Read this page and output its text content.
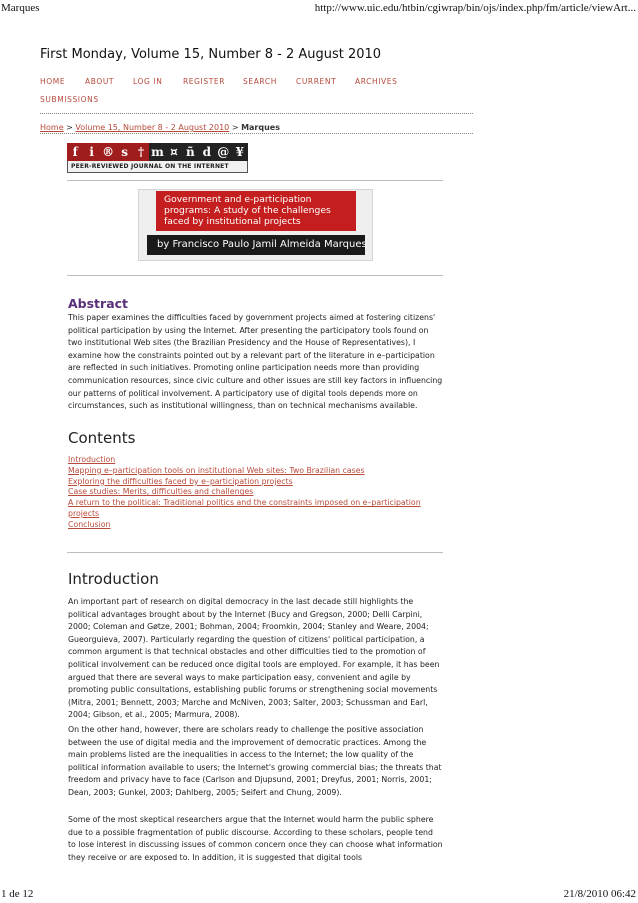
Marques	http://www.uic.edu/htbin/cgiwrap/bin/ojs/index.php/fm/article/viewArt...
First Monday, Volume 15, Number 8 - 2 August 2010
HOME	ABOUT	LOG IN	REGISTER SEARCH	CURRENT ARCHIVES
SUBMISSIONS
Home > Volume 15, Number 8 - 2 August 2010 > Marques
f i ® s † m ¤ ñ d @ ¥
PEER-REVIEWED JOURNAL ON THE INTERNET
Government and e-participation
programs: A study of the challenges
faced by institutional projects
by Francisco Paulo Jamil Almeida Marques
Abstract

This paper examines the difficulties faced by government projects aimed at fostering citizens' political participation by using the Internet. After presenting the participatory tools found on two institutional Web sites (the Brazilian Presidency and the House of Representatives), I examine how the constraints pointed out by a relevant part of the literature in e–participation are reflected in such initiatives. Promoting online participation needs more than providing communication resources, since civic culture and other issues are still key factors in influencing our patterns of political involvement. A participatory use of digital tools depends more on circumstances, such as institutional willingness, than on technical mechanisms available.

Contents
Introduction
Mapping e–participation tools on institutional Web sites: Two Brazilian cases
Exploring the difficulties faced by e–participation projects
Case studies: Merits, difficulties and challenges
A return to the political: Traditional politics and the constraints imposed on e–participation projects
Conclusion
Introduction

An important part of research on digital democracy in the last decade still highlights the political advantages brought about by the Internet (Bucy and Gregson, 2000; Delli Carpini, 2000; Coleman and Gøtze, 2001; Bohman, 2004; Froomkin, 2004; Stanley and Weare, 2004; Gueorguieva, 2007). Particularly regarding the question of citizens' political participation, a common argument is that technical obstacles and other difficulties tied to the promotion of political involvement can be reduced once digital tools are employed. For example, it has been argued that there are several ways to make participation easy, convenient and agile by promoting public consultations, establishing public forums or strengthening social movements (Mitra, 2001; Bennett, 2003; Marche and McNiven, 2003; Salter, 2003; Schussman and Earl, 2004; Gibson, et al., 2005; Marmura, 2008).

On the other hand, however, there are scholars ready to challenge the positive association between the use of digital media and the improvement of democratic practices. Among the main problems listed are the inequalities in access to the Internet; the low quality of the political information available to users; the Internet's growing commercial bias; the threats that freedom and privacy have to face (Carlson and Djupsund, 2001; Dreyfus, 2001; Norris, 2001; Dean, 2003; Gunkel, 2003; Dahlberg, 2005; Seifert and Chung, 2009).

Some of the most skeptical researchers argue that the Internet would harm the public sphere due to a possible fragmentation of public discourse. According to these scholars, people tend to lose interest in discussing issues of common concern once they can choose what information they receive or are exposed to. In addition, it is suggested that digital tools

1 de 12	21/8/2010 06:42
